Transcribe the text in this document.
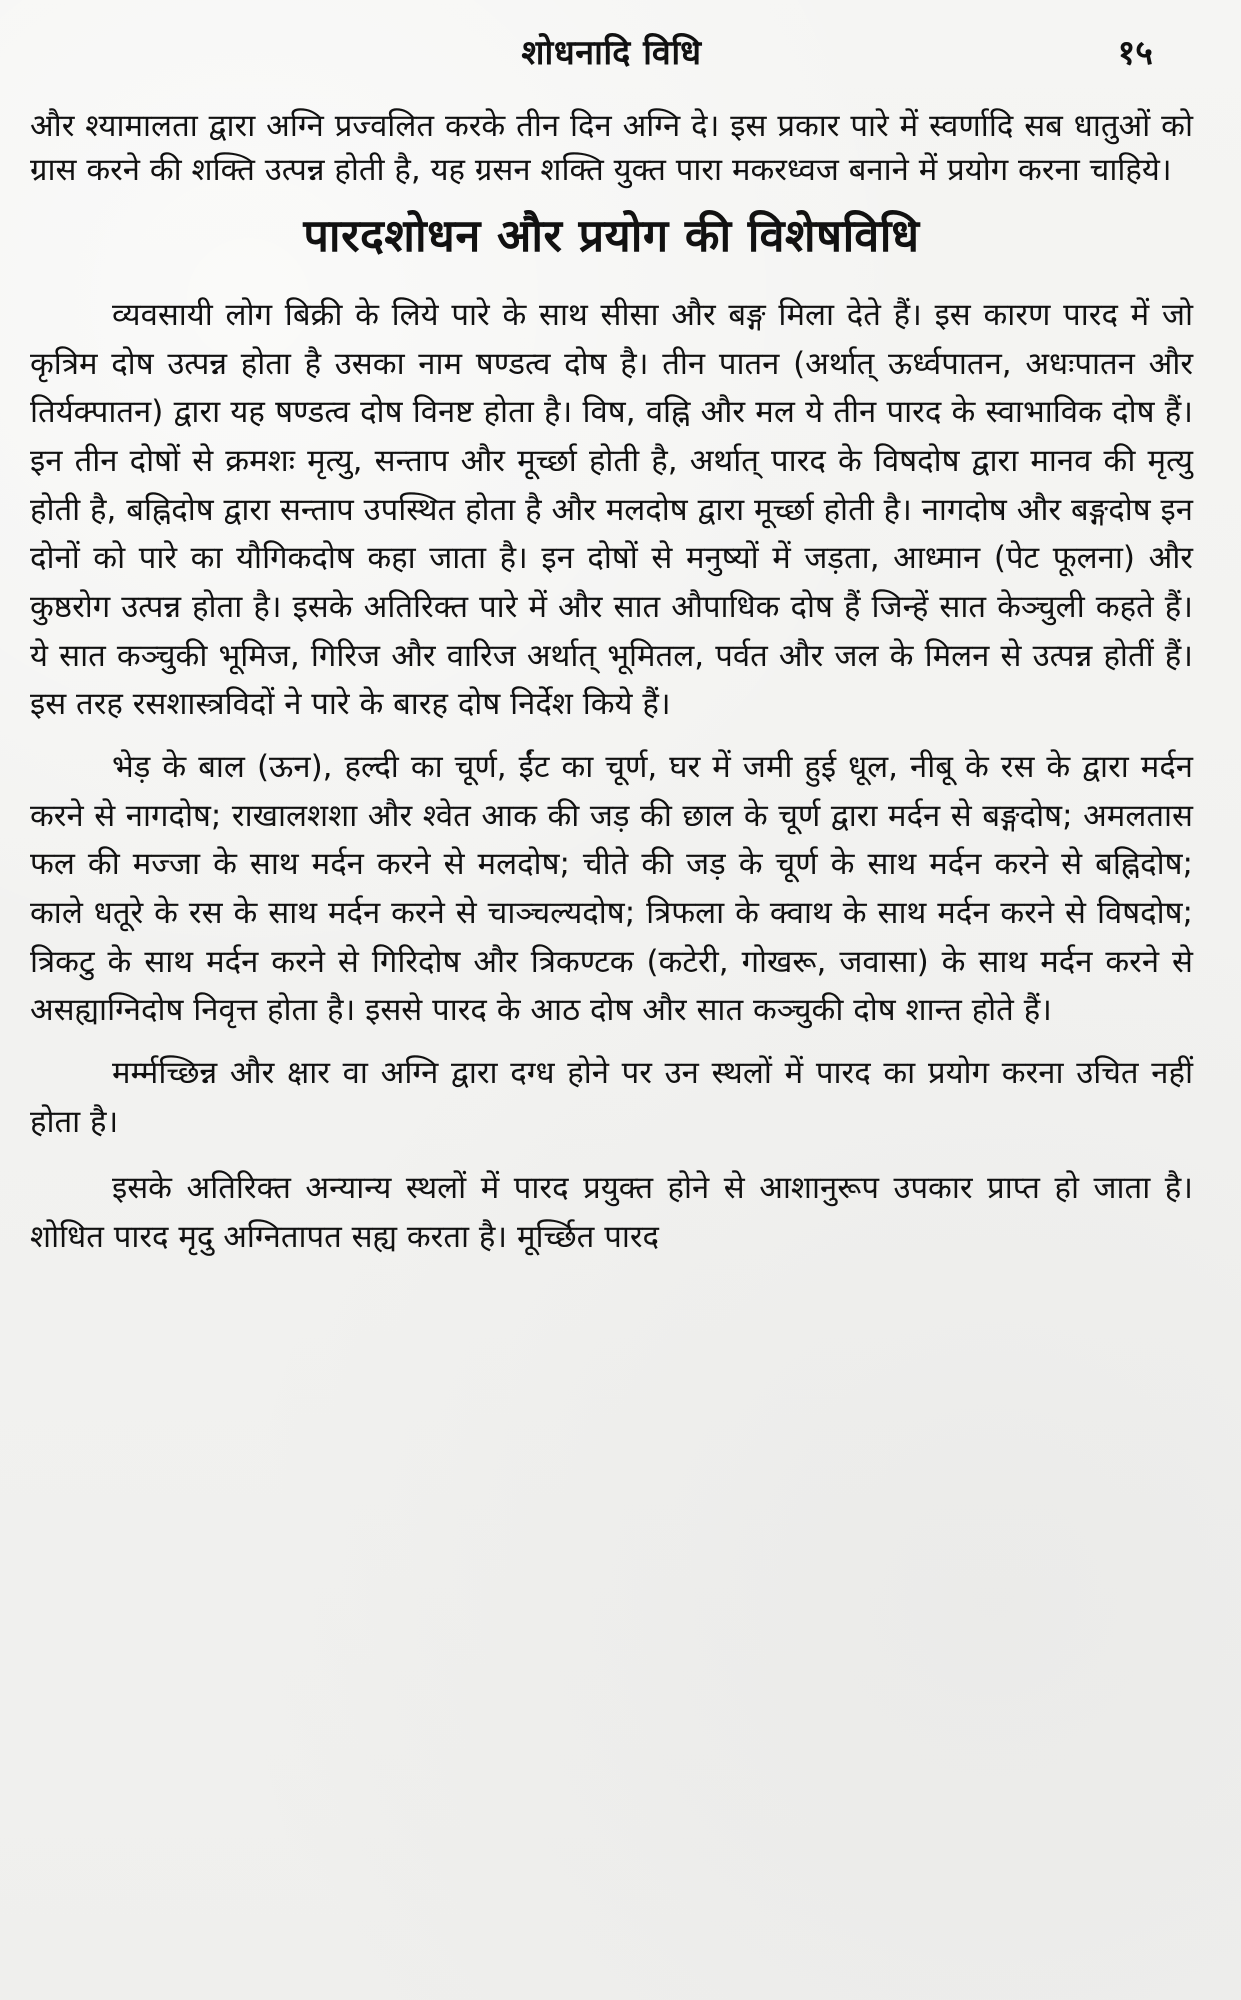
शोधनादि विधि	१५
और श्यामालता द्वारा अग्नि प्रज्वलित करके तीन दिन अग्नि दे। इस प्रकार पारे में स्वर्णादि सब धातुओं को ग्रास करने की शक्ति उत्पन्न होती है, यह ग्रसन शक्ति युक्त पारा मकरध्वज बनाने में प्रयोग करना चाहिये।
पारदशोधन और प्रयोग की विशेषविधि
व्यवसायी लोग बिक्री के लिये पारे के साथ सीसा और बङ्ग मिला देते हैं। इस कारण पारद में जो कृत्रिम दोष उत्पन्न होता है उसका नाम षण्डत्व दोष है। तीन पातन (अर्थात् ऊर्ध्वपातन, अधःपातन और तिर्यक्पातन) द्वारा यह षण्डत्व दोष विनष्ट होता है। विष, वह्नि और मल ये तीन पारद के स्वाभाविक दोष हैं। इन तीन दोषों से क्रमशः मृत्यु, सन्ताप और मूर्च्छा होती है, अर्थात् पारद के विषदोष द्वारा मानव की मृत्यु होती है, बह्निदोष द्वारा सन्ताप उपस्थित होता है और मलदोष द्वारा मूर्च्छा होती है। नागदोष और बङ्गदोष इन दोनों को पारे का यौगिकदोष कहा जाता है। इन दोषों से मनुष्यों में जड़ता, आध्मान (पेट फूलना) और कुष्ठरोग उत्पन्न होता है। इसके अतिरिक्त पारे में और सात औपाधिक दोष हैं जिन्हें सात केञ्चुली कहते हैं। ये सात कञ्चुकी भूमिज, गिरिज और वारिज अर्थात् भूमितल, पर्वत और जल के मिलन से उत्पन्न होतीं हैं। इस तरह रसशास्त्रविदों ने पारे के बारह दोष निर्देश किये हैं।
भेड़ के बाल (ऊन), हल्दी का चूर्ण, ईंट का चूर्ण, घर में जमी हुई धूल, नीबू के रस के द्वारा मर्दन करने से नागदोष; राखालशशा और श्वेत आक की जड़ की छाल के चूर्ण द्वारा मर्दन से बङ्गदोष; अमलतास फल की मज्जा के साथ मर्दन करने से मलदोष; चीते की जड़ के चूर्ण के साथ मर्दन करने से बह्निदोष; काले धतूरे के रस के साथ मर्दन करने से चाञ्चल्यदोष; त्रिफला के क्वाथ के साथ मर्दन करने से विषदोष; त्रिकटु के साथ मर्दन करने से गिरिदोष और त्रिकण्टक (कटेरी, गोखरू, जवासा) के साथ मर्दन करने से असह्याग्निदोष निवृत्त होता है। इससे पारद के आठ दोष और सात कञ्चुकी दोष शान्त होते हैं।
मर्म्मच्छिन्न और क्षार वा अग्नि द्वारा दग्ध होने पर उन स्थलों में पारद का प्रयोग करना उचित नहीं होता है।
इसके अतिरिक्त अन्यान्य स्थलों में पारद प्रयुक्त होने से आशानुरूप उपकार प्राप्त हो जाता है। शोधित पारद मृदु अग्नितापत सह्य करता है। मूर्च्छित पारद
